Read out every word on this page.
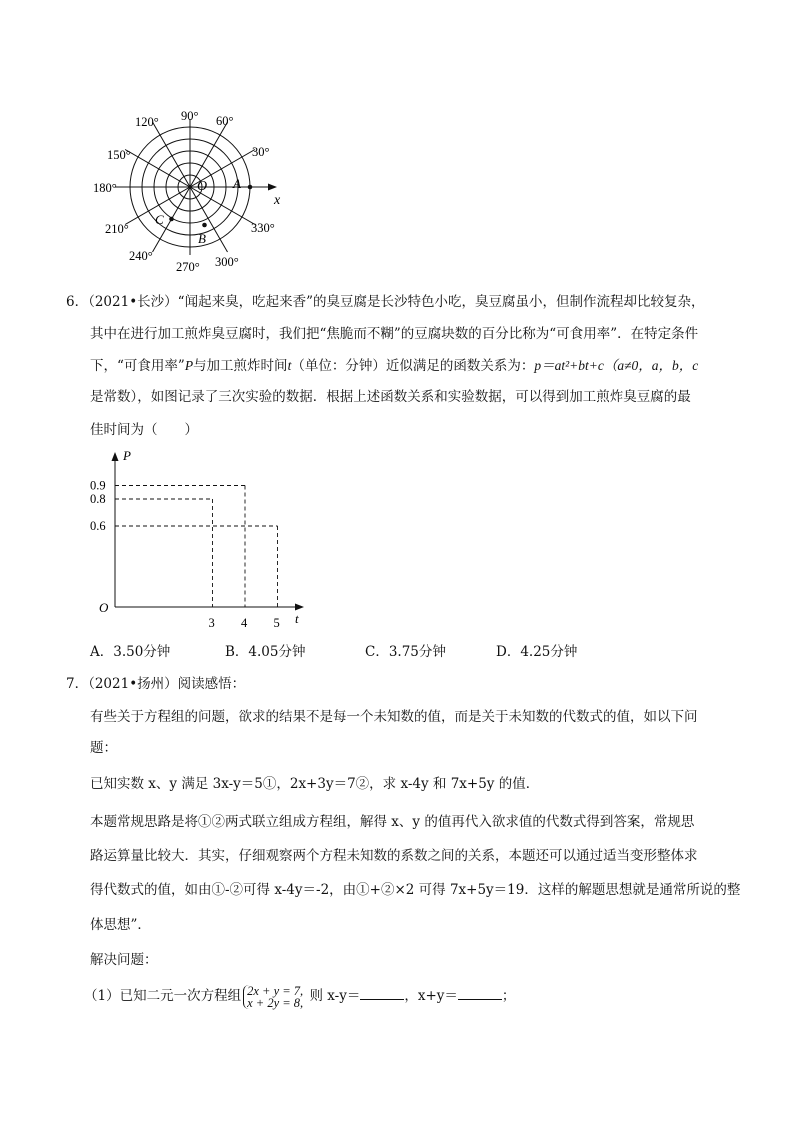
90° 60°
30°
180°
150°
120°
210°
240°
270° 300°
330°
O
x
A
B
C
6．（2021•长沙）“闻起来臭，吃起来香”的臭豆腐是长沙特色小吃，臭豆腐虽小，但制作流程却比较复杂，
其中在进行加工煎炸臭豆腐时，我们把“焦脆而不糊”的豆腐块数的百分比称为“可食用率”．在特定条件
下，“可食用率”P与加工煎炸时间t（单位：分钟）近似满足的函数关系为：p＝at²+bt+c（a≠0，a，b，c
是常数），如图记录了三次实验的数据．根据上述函数关系和实验数据，可以得到加工煎炸臭豆腐的最
佳时间为（　　）
P
t
O
3 4 5
0.9
0.8
0.6
A．3.50分钟	B．4.05分钟	C．3.75分钟	D．4.25分钟
7．（2021•扬州）阅读感悟：
有些关于方程组的问题，欲求的结果不是每一个未知数的值，而是关于未知数的代数式的值，如以下问
题：
已知实数 x、y 满足 3x-y＝5①，2x+3y＝7②，求 x-4y 和 7x+5y 的值．
本题常规思路是将①②两式联立组成方程组，解得 x、y 的值再代入欲求值的代数式得到答案，常规思
路运算量比较大．其实，仔细观察两个方程未知数的系数之间的关系，本题还可以通过适当变形整体求
得代数式的值，如由①-②可得 x-4y＝-2，由①+②×2 可得 7x+5y＝19．这样的解题思想就是通常所说的整
体思想”．
解决问题：
（1）已知二元一次方程组 2x + y = 7,
x + 2y = 8, 则 x-y＝	，x+y＝	；
